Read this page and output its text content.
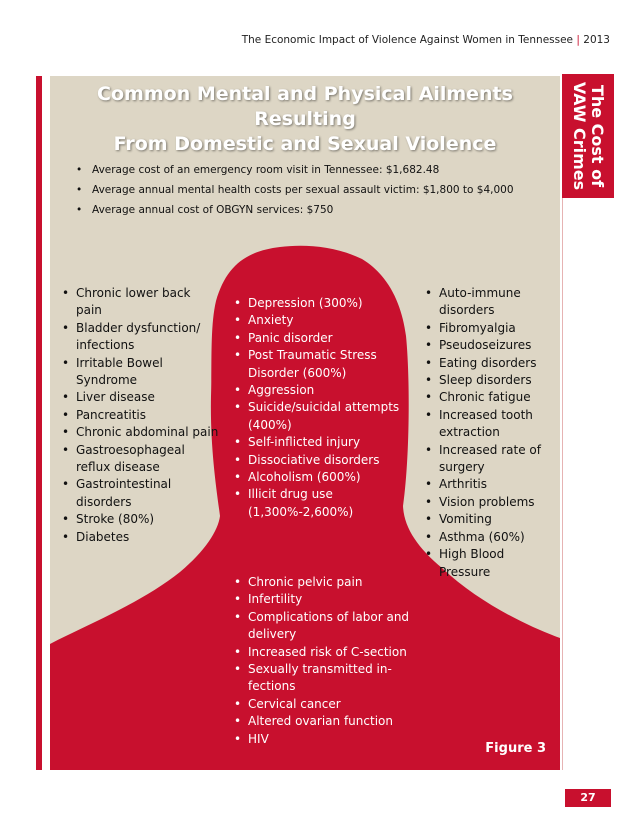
The Economic Impact of Violence Against Women in Tennessee | 2013
The Cost of
VAW Crimes
Common Mental and Physical Ailments Resulting
From Domestic and Sexual Violence
• Average cost of an emergency room visit in Tennessee: $1,682.48
• Average annual mental health costs per sexual assault victim: $1,800 to $4,000
• Average annual cost of OBGYN services: $750
• Chronic lower back pain
• Bladder dysfunction/ infections
• Irritable Bowel Syndrome
• Liver disease
• Pancreatitis
• Chronic abdominal pain
• Gastroesophageal reflux disease
• Gastrointestinal disorders
• Stroke (80%)
• Diabetes
• Depression (300%)
• Anxiety
• Panic disorder
• Post Traumatic Stress Disorder (600%)
• Aggression
• Suicide/suicidal attempts (400%)
• Self-inflicted injury
• Dissociative disorders
• Alcoholism (600%)
• Illicit drug use (1,300%-2,600%)
• Auto-immune disorders
• Fibromyalgia
• Pseudoseizures
• Eating disorders
• Sleep disorders
• Chronic fatigue
• Increased tooth extraction
• Increased rate of surgery
• Arthritis
• Vision problems
• Vomiting
• Asthma (60%)
• High Blood Pressure
• Chronic pelvic pain
• Infertility
• Complications of labor and delivery
• Increased risk of C-section
• Sexually transmitted in-fections
• Cervical cancer
• Altered ovarian function
• HIV
Figure 3
27
